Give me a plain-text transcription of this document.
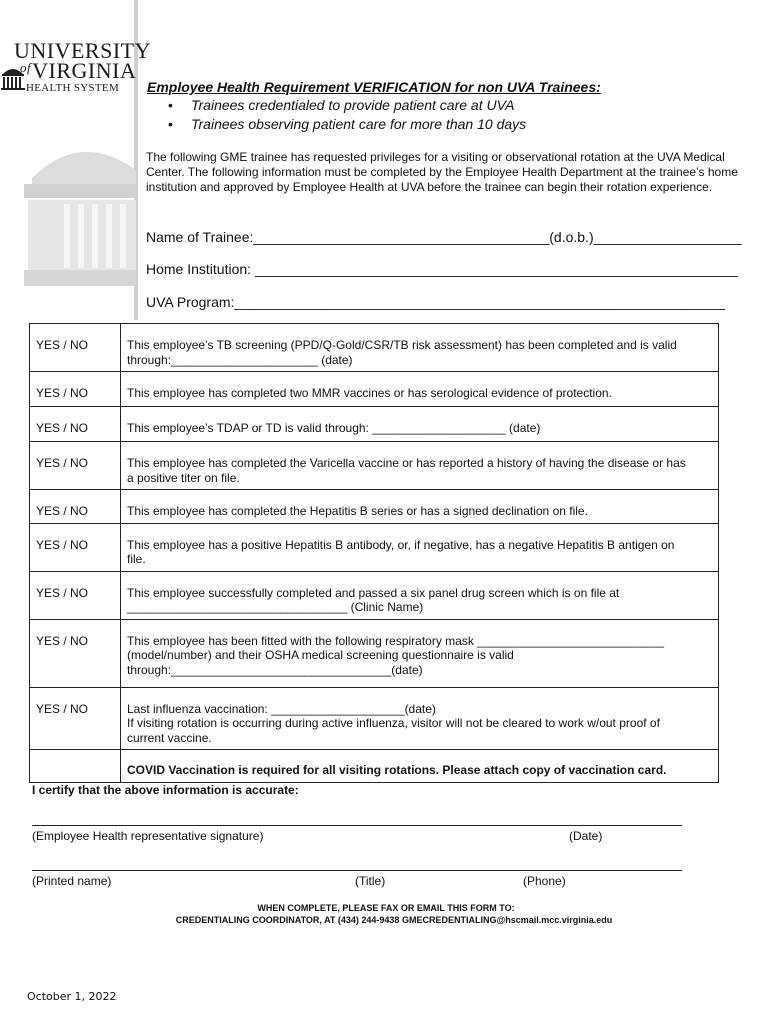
UNIVERSITY
$^{of}$VIRGINIA
HEALTH SYSTEM Employee Health Requirement VERIFICATION for non UVA Trainees:
• Trainees credentialed to provide patient care at UVA
• Trainees observing patient care for more than 10 days
The following GME trainee has requested privileges for a visiting or observational rotation at the UVA Medical Center. The following information must be completed by the Employee Health Department at the trainee’s home institution and approved by Employee Health at UVA before the trainee can begin their rotation experience.
Name of Trainee:______________________________________(d.o.b.)___________________
Home Institution: ______________________________________________________________
UVA Program:_______________________________________________________________
YES / NO	This employee’s TB screening (PPD/Q-Gold/CSR/TB risk assessment) has been completed and is valid
through:______________________ (date)

YES / NO	This employee has completed two MMR vaccines or has serological evidence of protection.

YES / NO	This employee’s TDAP or TD is valid through: ____________________ (date)

YES / NO	This employee has completed the Varicella vaccine or has reported a history of having the disease or has
a positive titer on file.

YES / NO	This employee has completed the Hepatitis B series or has a signed declination on file.

YES / NO	This employee has a positive Hepatitis B antibody, or, if negative, has a negative Hepatitis B antigen on
file.

YES / NO	This employee successfully completed and passed a six panel drug screen which is on file at
_________________________________ (Clinic Name)

YES / NO	This employee has been fitted with the following respiratory mask ____________________________
(model/number) and their OSHA medical screening questionnaire is valid
through:_________________________________(date)

YES / NO	Last influenza vaccination: ____________________(date)
If visiting rotation is occurring during active influenza, visitor will not be cleared to work w/out proof of
current vaccine.

	COVID Vaccination is required for all visiting rotations. Please attach copy of vaccination card.
I certify that the above information is accurate:
(Employee Health representative signature)	(Date)
(Printed name)	(Title)	(Phone)
WHEN COMPLETE, PLEASE FAX OR EMAIL THIS FORM TO:
CREDENTIALING COORDINATOR, AT (434) 244-9438 GMECREDENTIALING@hscmail.mcc.virginia.edu
October 1, 2022
